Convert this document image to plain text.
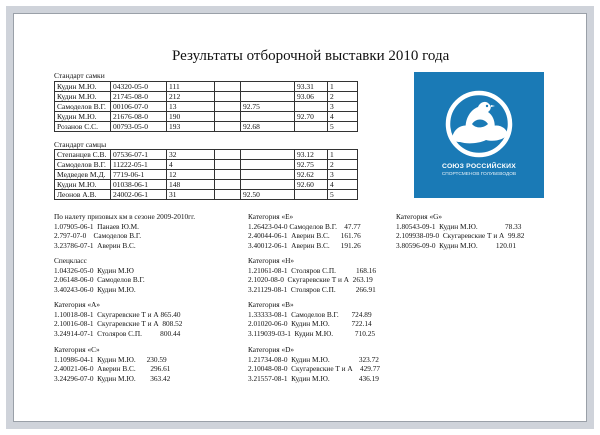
Результаты отборочной выставки 2010 года
Стандарт самки
Кудин М.Ю.	04320-05-0	111			93.31	1
Кудин М.Ю.	21745-08-0	212			93.06	2
Самоделов В.Г.	00106-07-0	13		92.75		3
Кудин М.Ю.	21676-08-0	190			92.70	4
Розанов С.С.	00793-05-0	193		92.68		5
Стандарт самцы
Степанцев С.В.	07536-07-1	32			93.12	1
Самоделов В.Г.	11222-05-1	4			92.75	2
Медведев М.Д.	7719-06-1	12			92.62	3
Кудин М.Ю.	01038-06-1	148			92.60	4
Леонов А.В.	24002-06-1	31		92.50		5
СОЮЗ РОССИЙСКИХ
СПОРТСМЕНОВ ГОЛУБЕВОДОВ
По налету призовых км в сезоне 2009-2010гг.
1.07905-06-1  Панаев Ю.М.
2.797-07-0    Самоделов В.Г.
3.23786-07-1  Аверин В.С.
Спецкласс
1.04326-05-0  Кудин М.Ю
2.06148-06-0  Самоделов В.Г.
3.40243-06-0  Кудин М.Ю.
Категория «А»
1.10018-08-1  Скугаревские Т и А 865.40
2.10016-08-1  Скугаревские Т и А  808.52
3.24914-07-1  Столяров С.П.          800.44
Категория «С»
1.10986-04-1  Кудин М.Ю.      230.59
2.40021-06-0  Аверин В.С.        296.61
3.24296-07-0  Кудин М.Ю.        363.42
Категория «Е»
1.26423-04-0 Самоделов В.Г.    47.77
2.40044-06-1  Аверин В.С.      161.76
3.40012-06-1  Аверин В.С.      191.26
Категория «Н»
1.21061-08-1  Столяров С.П.           168.16
2.1020-08-0  Скугаревские Т и А  263.19
3.21129-08-1  Столяров С.П.           266.91
Категория «В»
1.33333-08-1  Самоделов В.Г.       724.89
2.01020-06-0  Кудин М.Ю.            722.14
3.119039-03-1  Кудин М.Ю.            710.25
Категория «D»
1.21734-08-0  Кудин М.Ю.                323.72
2.10048-08-0  Скугаревские Т и А    429.77
3.21557-08-1  Кудин М.Ю.                436.19
Категория «G»
1.80543-09-1  Кудин М.Ю.               78.33
2.109938-09-0  Скугаревские Т и А  99.82
3.80596-09-0  Кудин М.Ю.          120.01
